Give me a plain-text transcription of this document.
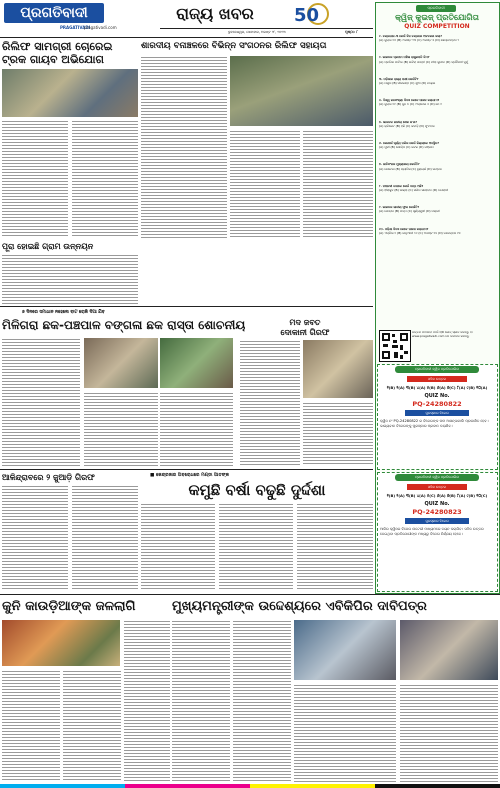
ପ୍ରଗତିବାଦୀ
PRAGATIVADI
pragativadi.com
ରାଜ୍ୟ ଖବର	50
ଭୁବନେଶ୍ୱର, ସୋମବାର, ଅଗଷ୍ଟ ୨୮, ୨୦୨୩	ପୃଷ୍ଠା: ୮
ରିଲିଫ ସାମଗ୍ରୀ ଚୋରେଇ
ଟ୍ରକ ଗାୟବ ଅଭିଯୋଗ
ଶାରଦୀୟ ବନାଞ୍ଚଳରେ ବିଭିନ୍ନ ସଂଗଠନର ରିଲିଫ ସହାୟତା
ପୂରା ହୋଇଛି ଗ୍ରାମ ଉନ୍ନୟନ
୭ ଦିନରେ ସମାଧାନ ନହେଲେ ବାଟ ରୋକି ଦିଆ ଯିବ
ମିଳିଗରା ଛକ-ପଞ୍ଚପାଳ ବଙ୍ଗଳା ଛକ ରାସ୍ତା ଶୋଚନୀୟ	ମଦ ଜବତ
ଦୋକାନୀ ଗିରଫ
ଆଳିନ୍ଦ୍ରାବରେ ୨ ଜୁଆଡ଼ି ଗିରଫ	■ କେନ୍ଦ୍ରଜାର ଅବରୋଧରେ ମଣ୍ଡା ଆତଙ୍କ
କମୁଛି ବର୍ଷା ବଢୁଛି ଦୁର୍ଦ୍ଦଶା
କୁନି କାଉଡ଼ିଆଙ୍କ ଜଳଲାଗି	ମୁଖ୍ୟମନ୍ତ୍ରୀଙ୍କ ଉଦ୍ଦେଶ୍ୟରେ ଏବିକିପିର ଦାବିପତ୍ର
ପ୍ରଗତିବାଦୀ
କ୍ୱିଜ୍ କୁଇଜ୍ ପ୍ରତିଯୋଗିତା
QUIZ COMPETITION
୧. ଚନ୍ଦ୍ରଯାନ-୩ କେଉଁ ଦିନ ଚନ୍ଦ୍ରରେ ଅବତରଣ କଲା?
(A) ଜୁଲାଇ ୧୪ (B) ଅଗଷ୍ଟ ୨୩ (C) ଅଗଷ୍ଟ ୫ (D) ସେପ୍ଟେମ୍ବର ୨
୨. ଭାରତର ପ୍ରଥମ ମହିଳା ରାଷ୍ଟ୍ରପତି କିଏ?
(A) ପ୍ରତିଭା ପାଟିଲ (B) ଇନ୍ଦିରା ଗାନ୍ଧୀ (C) ମୀରା କୁମାର (D) ଦ୍ରୌପଦୀ ମୁର୍ମୁ
୩. ଓଡ଼ିଶାର ରାଜ୍ୟ ପକ୍ଷୀ କେଉଁଟି?
(A) ମୟୂର (B) ନୀଳକଣ୍ଠ (C) ଶୁଆ (D) ଚଢ଼େଇ
୪. ବିଶ୍ୱ ଜନସଂଖ୍ୟା ଦିବସ କେବେ ପାଳନ କରାଯାଏ?
(A) ଜୁଲାଇ ୧୧ (B) ଜୁନ ୫ (C) ଅପ୍ରେଲ ୭ (D) ମେ ୧
୫. ଭାରତର ଜାତୀୟ ଖେଳ କ'ଣ?
(A) କ୍ରିକେଟ (B) ହକି (C) କବାଡ଼ି (D) ଫୁଟବଲ
୬. କୋଣାର୍କ ସୂର୍ଯ୍ୟ ମନ୍ଦିର କେଉଁ ଜିଲ୍ଲାରେ ଅବସ୍ଥିତ?
(A) ପୁରୀ (B) ଖୋର୍ଦ୍ଧା (C) କଟକ (D) ଗଞ୍ଜାମ
୭. ଜାତିସଂଘର ମୁଖ୍ୟାଳୟ କେଉଁଠି?
(A) ଜେନେଭା (B) ପ୍ୟାରିସ (C) ନ୍ୟୁୟର୍କ (D) ଲଣ୍ଡନ
୮. ମହାନଦୀ ଉପରେ କେଉଁ ବନ୍ଧ ଅଛି?
(A) ହୀରାକୁଦ (B) ଭାକ୍ରା (C) ସର୍ଦ୍ଦାର ସରୋବର (D) ତେହେରୀ
୯. ଭାରତର ଜାତୀୟ ଫୁଲ କେଉଁଟି?
(A) ଗୋଲାପ (B) ପଦ୍ମ (C) ସୂର୍ଯ୍ୟମୁଖୀ (D) ମଲ୍ଲୀ
୧୦. ଓଡ଼ିଶା ଦିବସ କେବେ ପାଳନ କରାଯାଏ?
(A) ଏପ୍ରିଲ ୧ (B) ଜାନୁଆରୀ ୨୬ (C) ଅଗଷ୍ଟ ୧୫ (D) ନଭେମ୍ବର ୧୪
ଉତ୍ତର ପଠାଇବା ପାଇଁ QR କୋଡ୍ ସ୍କାନ କରନ୍ତୁ ବା www.pragativadi.com ରେ ଲଗଇନ କରନ୍ତୁ
ପ୍ରଗତିବାଦୀ କ୍ୱିଜ ପ୍ରତିଯୋଗିତା
ସଠିକ ଉତ୍ତର
୧(B) ୨(A) ୩(B) ୪(A) ୫(B) ୬(A) ୭(C) ୮(A) ୯(B) ୧୦(A)
QUIZ No.
PQ-24280822
ପୁରସ୍କାର ବିଜେତା
କ୍ୱିଜ ନଂ PQ-24280822 ର ବିଜେତାଙ୍କ ନାମ ଆସନ୍ତାକାଲି ପ୍ରକାଶିତ ହେବ। ଭାଗ୍ୟବାନ ବିଜେତାଙ୍କୁ ପୁରସ୍କାର ପ୍ରଦାନ କରାଯିବ।
ପ୍ରଗତିବାଦୀ କ୍ୱିଜ ପ୍ରତିଯୋଗିତା
ସଠିକ ଉତ୍ତର
୧(B) ୨(A) ୩(B) ୪(A) ୫(C) ୬(A) ୭(B) ୮(A) ୯(B) ୧୦(C)
QUIZ No.
PQ-24280823
ପୁରସ୍କାର ବିଜେତା
ଆଜିର କ୍ୱିଜର ବିଜେତା ଲଟେରୀ ମାଧ୍ୟମରେ ଚୟନ କରାଯିବ। ସଠିକ ଉତ୍ତର ଦେଇଥିବା ପ୍ରତିଯୋଗୀଙ୍କ ମଧ୍ୟରୁ ବିଜେତା ନିର୍ଣ୍ଣୟ ହେବେ।
